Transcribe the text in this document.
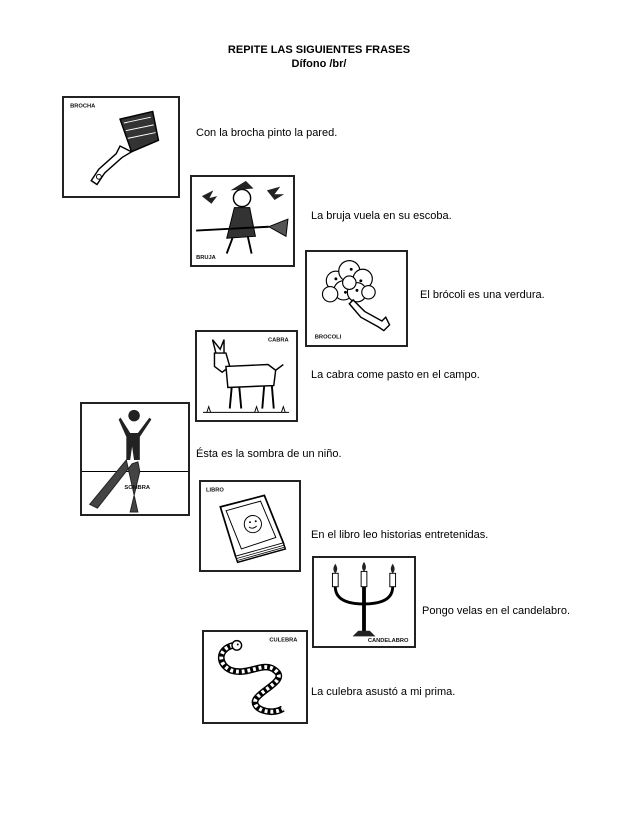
REPITE LAS SIGUIENTES FRASES
Dífono /br/
BROCHA
Con la brocha pinto la pared.
BRUJA
La bruja vuela en su escoba.
BROCOLI
El brócoli es una verdura.
CABRA
La cabra come pasto en el campo.
SOMBRA
Ésta es la sombra de un niño.
LIBRO
En el libro leo historias entretenidas.
CANDELABRO
Pongo velas en el candelabro.
CULEBRA
La culebra asustó a mi prima.
